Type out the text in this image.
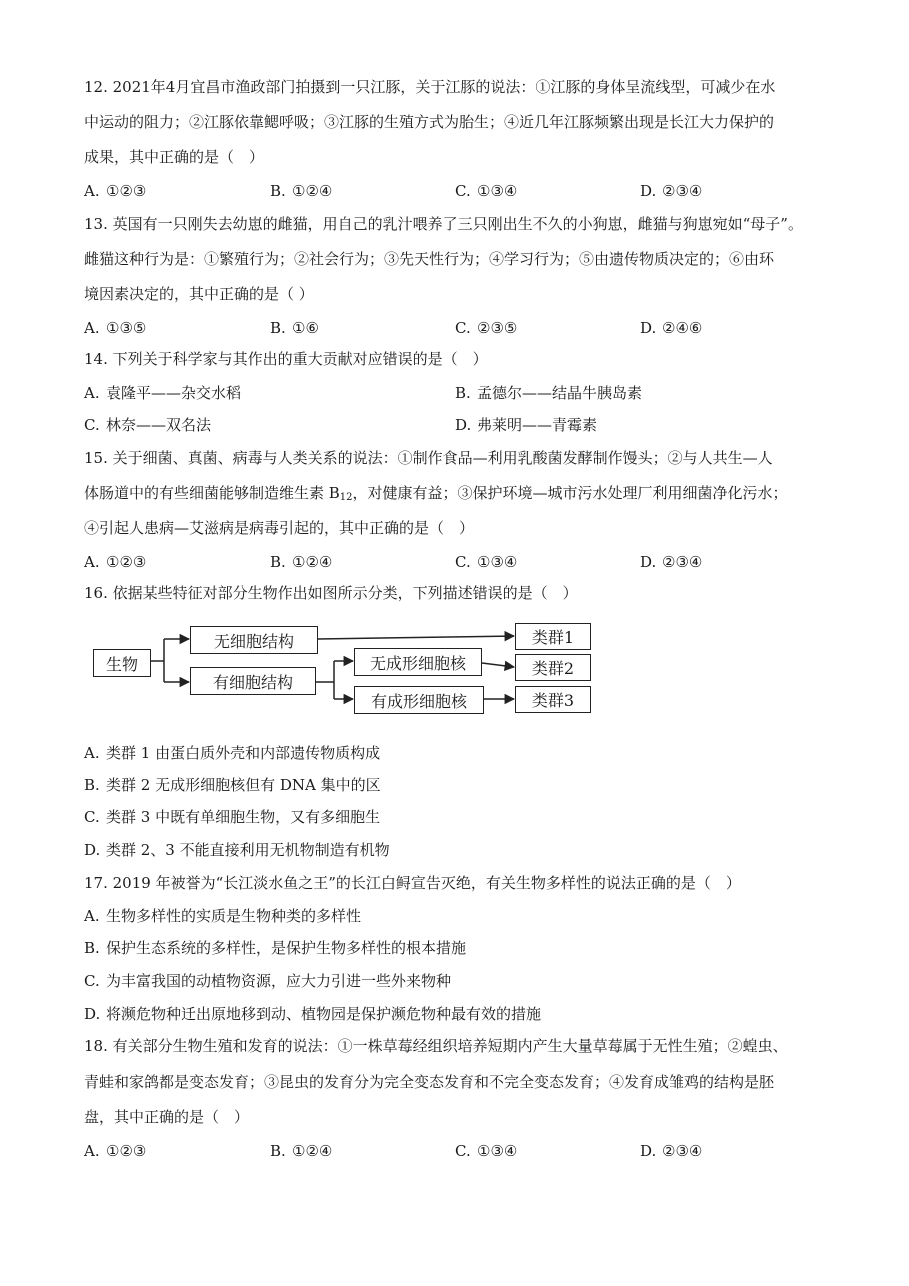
12. 2021年4月宜昌市渔政部门拍摄到一只江豚，关于江豚的说法：①江豚的身体呈流线型，可减少在水
中运动的阻力；②江豚依靠鳃呼吸；③江豚的生殖方式为胎生；④近几年江豚频繁出现是长江大力保护的
成果，其中正确的是（　）
A. ①②③	B. ①②④	C. ①③④	D. ②③④
13. 英国有一只刚失去幼崽的雌猫，用自己的乳汁喂养了三只刚出生不久的小狗崽，雌猫与狗崽宛如“母子”。
雌猫这种行为是：①繁殖行为；②社会行为；③先天性行为；④学习行为；⑤由遗传物质决定的；⑥由环
境因素决定的，其中正确的是（ ）
A. ①③⑤	B. ①⑥	C. ②③⑤	D. ②④⑥
14. 下列关于科学家与其作出的重大贡献对应错误的是（　）
A. 袁隆平——杂交水稻	B. 孟德尔——结晶牛胰岛素
C. 林奈——双名法	D. 弗莱明——青霉素
15. 关于细菌、真菌、病毒与人类关系的说法：①制作食品—利用乳酸菌发酵制作馒头；②与人共生—人
体肠道中的有些细菌能够制造维生素 $B_{12}$，对健康有益；③保护环境—城市污水处理厂利用细菌净化污水；
④引起人患病—艾滋病是病毒引起的，其中正确的是（　）
A. ①②③	B. ①②④	C. ①③④	D. ②③④
16. 依据某些特征对部分生物作出如图所示分类，下列描述错误的是（　）
生物
无细胞结构
有细胞结构
无成形细胞核
有成形细胞核
类群1
类群2
类群3
A. 类群 1 由蛋白质外壳和内部遗传物质构成
B. 类群 2 无成形细胞核但有 DNA 集中的区
C. 类群 3 中既有单细胞生物，又有多细胞生
D. 类群 2、3 不能直接利用无机物制造有机物
17. 2019 年被誉为“长江淡水鱼之王”的长江白鲟宣告灭绝，有关生物多样性的说法正确的是（　）
A. 生物多样性的实质是生物种类的多样性
B. 保护生态系统的多样性，是保护生物多样性的根本措施
C. 为丰富我国的动植物资源，应大力引进一些外来物种
D. 将濒危物种迁出原地移到动、植物园是保护濒危物种最有效的措施
18. 有关部分生物生殖和发育的说法：①一株草莓经组织培养短期内产生大量草莓属于无性生殖；②蝗虫、
青蛙和家鸽都是变态发育；③昆虫的发育分为完全变态发育和不完全变态发育；④发育成雏鸡的结构是胚
盘，其中正确的是（　）
A. ①②③	B. ①②④	C. ①③④	D. ②③④
